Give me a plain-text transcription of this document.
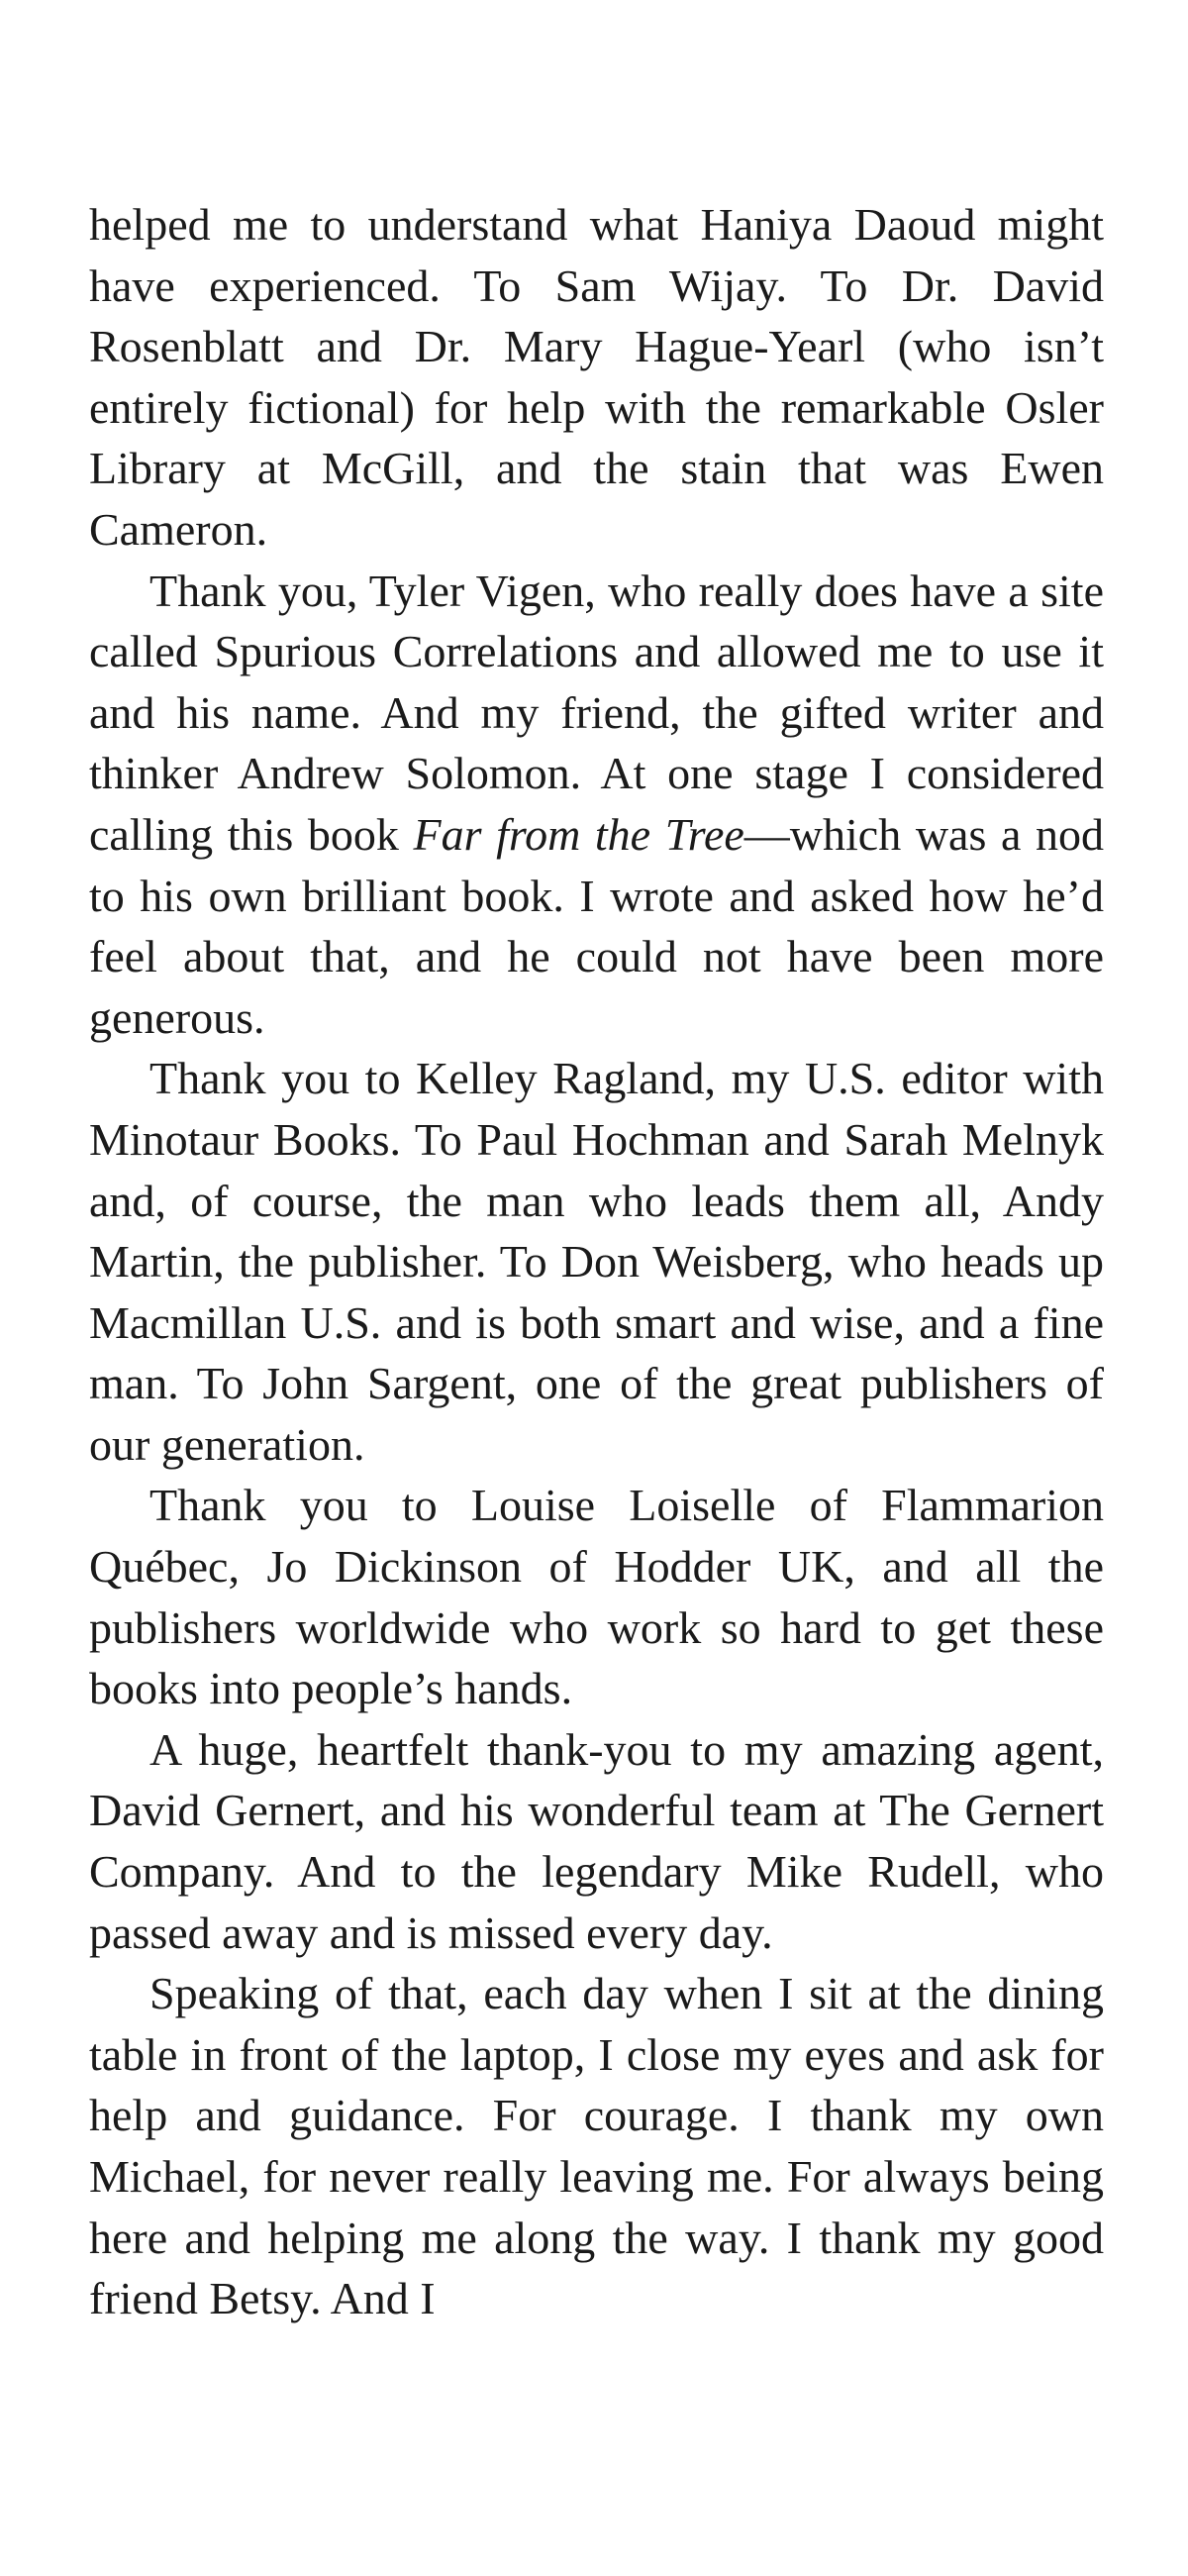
helped me to understand what Haniya Daoud might have experienced. To Sam Wijay. To Dr. David Rosenblatt and Dr. Mary Hague-Yearl (who isn’t entirely fictional) for help with the remarkable Osler Library at McGill, and the stain that was Ewen Cameron.

Thank you, Tyler Vigen, who really does have a site called Spurious Correlations and allowed me to use it and his name. And my friend, the gifted writer and thinker Andrew Solomon. At one stage I considered calling this book Far from the Tree—which was a nod to his own brilliant book. I wrote and asked how he’d feel about that, and he could not have been more generous.

Thank you to Kelley Ragland, my U.S. editor with Minotaur Books. To Paul Hochman and Sarah Melnyk and, of course, the man who leads them all, Andy Martin, the publisher. To Don Weisberg, who heads up Macmillan U.S. and is both smart and wise, and a fine man. To John Sargent, one of the great publishers of our generation.

Thank you to Louise Loiselle of Flammarion Québec, Jo Dickinson of Hodder UK, and all the publishers worldwide who work so hard to get these books into people’s hands.

A huge, heartfelt thank-you to my amazing agent, David Gernert, and his wonderful team at The Gernert Company. And to the legendary Mike Rudell, who passed away and is missed every day.

Speaking of that, each day when I sit at the dining table in front of the laptop, I close my eyes and ask for help and guidance. For courage. I thank my own Michael, for never really leaving me. For always being here and helping me along the way. I thank my good friend Betsy. And I
